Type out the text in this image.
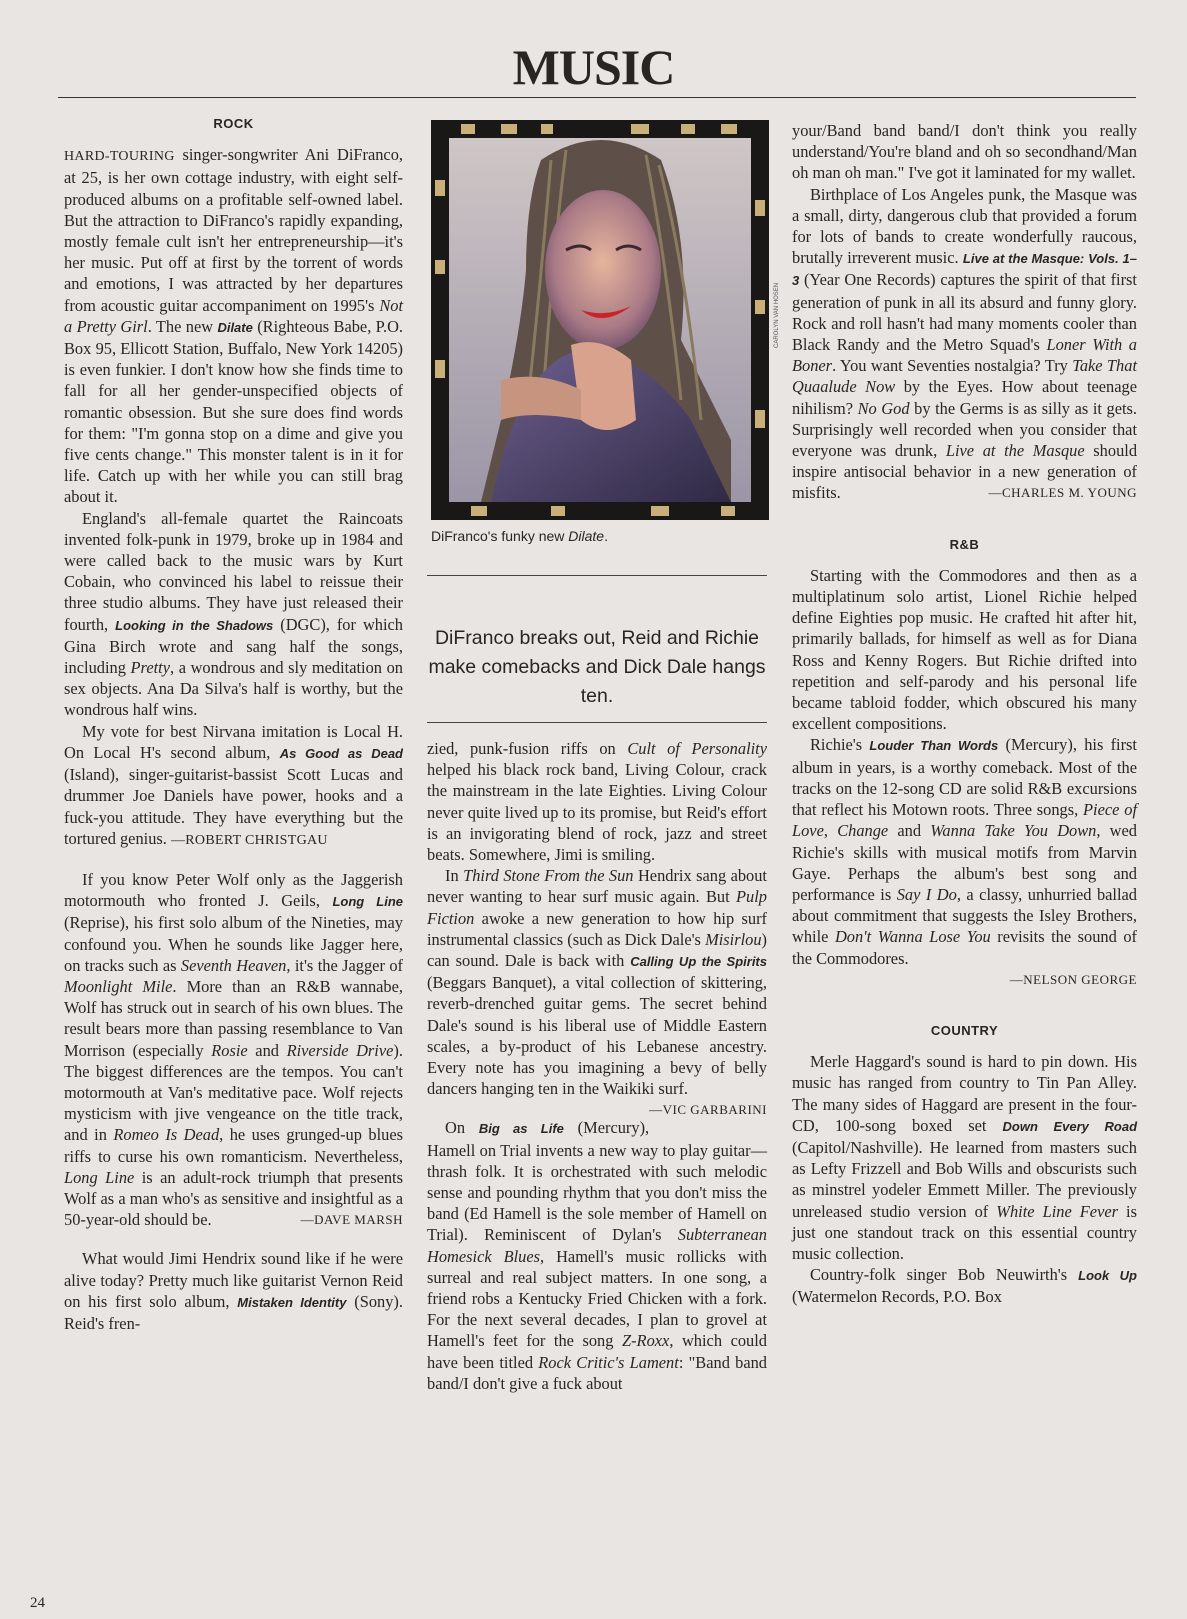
MUSIC
ROCK

HARD-TOURING singer-songwriter Ani DiFranco, at 25, is her own cottage industry, with eight self-produced albums on a profitable self-owned label. But the attraction to DiFranco's rapidly expanding, mostly female cult isn't her entrepreneurship—it's her music. Put off at first by the torrent of words and emotions, I was attracted by her departures from acoustic guitar accompaniment on 1995's Not a Pretty Girl. The new Dilate (Righteous Babe, P.O. Box 95, Ellicott Station, Buffalo, New York 14205) is even funkier. I don't know how she finds time to fall for all her gender-unspecified objects of romantic obsession. But she sure does find words for them: "I'm gonna stop on a dime and give you five cents change." This monster talent is in it for life. Catch up with her while you can still brag about it.

England's all-female quartet the Raincoats invented folk-punk in 1979, broke up in 1984 and were called back to the music wars by Kurt Cobain, who convinced his label to reissue their three studio albums. They have just released their fourth, Looking in the Shadows (DGC), for which Gina Birch wrote and sang half the songs, including Pretty, a wondrous and sly meditation on sex objects. Ana Da Silva's half is worthy, but the wondrous half wins.

My vote for best Nirvana imitation is Local H. On Local H's second album, As Good as Dead (Island), singer-guitarist-bassist Scott Lucas and drummer Joe Daniels have power, hooks and a fuck-you attitude. They have everything but the tortured genius. —ROBERT CHRISTGAU

If you know Peter Wolf only as the Jaggerish motormouth who fronted J. Geils, Long Line (Reprise), his first solo album of the Nineties, may confound you. When he sounds like Jagger here, on tracks such as Seventh Heaven, it's the Jagger of Moonlight Mile. More than an R&B wannabe, Wolf has struck out in search of his own blues. The result bears more than passing resemblance to Van Morrison (especially Rosie and Riverside Drive). The biggest differences are the tempos. You can't motormouth at Van's meditative pace. Wolf rejects mysticism with jive vengeance on the title track, and in Romeo Is Dead, he uses grunged-up blues riffs to curse his own romanticism. Nevertheless, Long Line is an adult-rock triumph that presents Wolf as a man who's as sensitive and insightful as a 50-year-old should be.	—DAVE MARSH

What would Jimi Hendrix sound like if he were alive today? Pretty much like guitarist Vernon Reid on his first solo album, Mistaken Identity (Sony). Reid's fren-

CAROLYN VAN HOSEN
DiFranco's funky new Dilate.
DiFranco breaks out, Reid and Richie make comebacks and Dick Dale hangs ten.

zied, punk-fusion riffs on Cult of Personality helped his black rock band, Living Colour, crack the mainstream in the late Eighties. Living Colour never quite lived up to its promise, but Reid's effort is an invigorating blend of rock, jazz and street beats. Somewhere, Jimi is smiling.

In Third Stone From the Sun Hendrix sang about never wanting to hear surf music again. But Pulp Fiction awoke a new generation to how hip surf instrumental classics (such as Dick Dale's Misirlou) can sound. Dale is back with Calling Up the Spirits (Beggars Banquet), a vital collection of skittering, reverb-drenched guitar gems. The secret behind Dale's sound is his liberal use of Middle Eastern scales, a by-product of his Lebanese ancestry. Every note has you imagining a bevy of belly dancers hanging ten in the Waikiki surf.
—VIC GARBARINI

On Big as Life (Mercury), Hamell on Trial invents a new way to play guitar—thrash folk. It is orchestrated with such melodic sense and pounding rhythm that you don't miss the band (Ed Hamell is the sole member of Hamell on Trial). Reminiscent of Dylan's Subterranean Homesick Blues, Hamell's music rollicks with surreal and real subject matters. In one song, a friend robs a Kentucky Fried Chicken with a fork. For the next several decades, I plan to grovel at Hamell's feet for the song Z-Roxx, which could have been titled Rock Critic's Lament: "Band band band/I don't give a fuck about

your/Band band band/I don't think you really understand/You're bland and oh so secondhand/Man oh man oh man." I've got it laminated for my wallet.

Birthplace of Los Angeles punk, the Masque was a small, dirty, dangerous club that provided a forum for lots of bands to create wonderfully raucous, brutally irreverent music. Live at the Masque: Vols. 1–3 (Year One Records) captures the spirit of that first generation of punk in all its absurd and funny glory. Rock and roll hasn't had many moments cooler than Black Randy and the Metro Squad's Loner With a Boner. You want Seventies nostalgia? Try Take That Quaalude Now by the Eyes. How about teenage nihilism? No God by the Germs is as silly as it gets. Surprisingly well recorded when you consider that everyone was drunk, Live at the Masque should inspire antisocial behavior in a new generation of misfits.	—CHARLES M. YOUNG

R&B

Starting with the Commodores and then as a multiplatinum solo artist, Lionel Richie helped define Eighties pop music. He crafted hit after hit, primarily ballads, for himself as well as for Diana Ross and Kenny Rogers. But Richie drifted into repetition and self-parody and his personal life became tabloid fodder, which obscured his many excellent compositions.

Richie's Louder Than Words (Mercury), his first album in years, is a worthy comeback. Most of the tracks on the 12-song CD are solid R&B excursions that reflect his Motown roots. Three songs, Piece of Love, Change and Wanna Take You Down, wed Richie's skills with musical motifs from Marvin Gaye. Perhaps the album's best song and performance is Say I Do, a classy, unhurried ballad about commitment that suggests the Isley Brothers, while Don't Wanna Lose You revisits the sound of the Commodores.

—NELSON GEORGE

COUNTRY

Merle Haggard's sound is hard to pin down. His music has ranged from country to Tin Pan Alley. The many sides of Haggard are present in the four-CD, 100-song boxed set Down Every Road (Capitol/Nashville). He learned from masters such as Lefty Frizzell and Bob Wills and obscurists such as minstrel yodeler Emmett Miller. The previously unreleased studio version of White Line Fever is just one standout track on this essential country music collection.

Country-folk singer Bob Neuwirth's Look Up (Watermelon Records, P.O. Box

24
